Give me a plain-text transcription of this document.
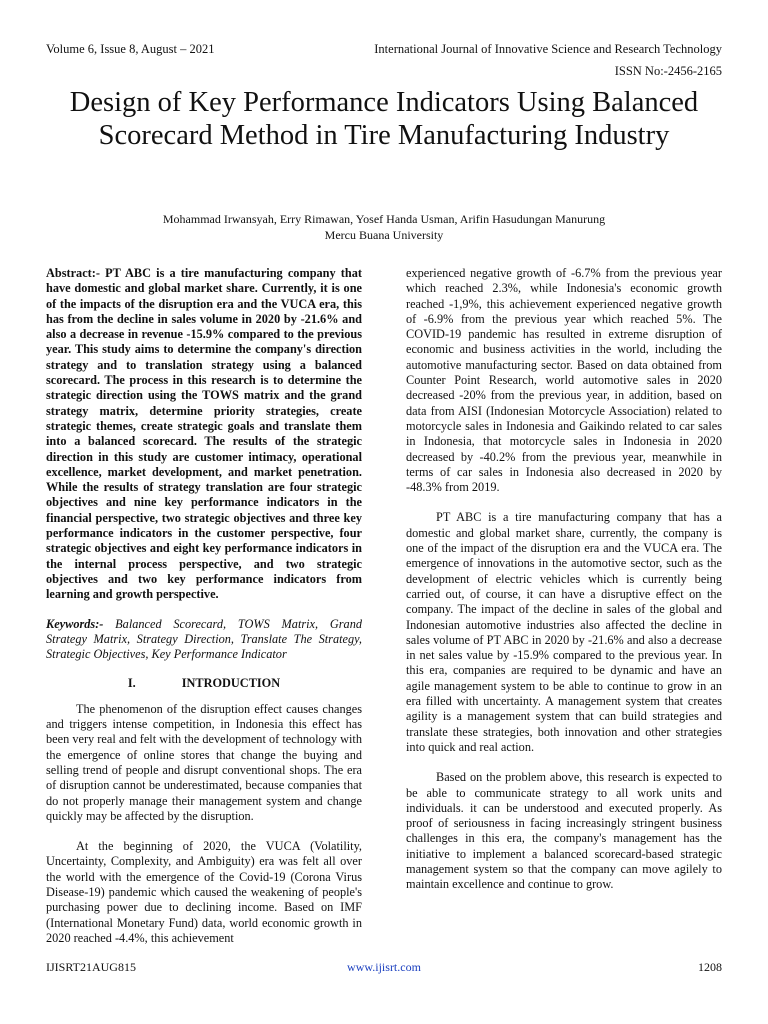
Volume 6, Issue 8, August – 2021	International Journal of Innovative Science and Research Technology
ISSN No:-2456-2165
Design of Key Performance Indicators Using Balanced Scorecard Method in Tire Manufacturing Industry
Mohammad Irwansyah, Erry Rimawan, Yosef Handa Usman, Arifin Hasudungan Manurung
Mercu Buana University

Abstract:- PT ABC is a tire manufacturing company that have domestic and global market share. Currently, it is one of the impacts of the disruption era and the VUCA era, this has from the decline in sales volume in 2020 by -21.6% and also a decrease in revenue -15.9% compared to the previous year. This study aims to determine the company's direction strategy and to translation strategy using a balanced scorecard. The process in this research is to determine the strategic direction using the TOWS matrix and the grand strategy matrix, determine priority strategies, create strategic themes, create strategic goals and translate them into a balanced scorecard. The results of the strategic direction in this study are customer intimacy, operational excellence, market development, and market penetration. While the results of strategy translation are four strategic objectives and nine key performance indicators in the financial perspective, two strategic objectives and three key performance indicators in the customer perspective, four strategic objectives and eight key performance indicators in the internal process perspective, and two strategic objectives and two key performance indicators from learning and growth perspective.

Keywords:- Balanced Scorecard, TOWS Matrix, Grand Strategy Matrix, Strategy Direction, Translate The Strategy, Strategic Objectives, Key Performance Indicator

I.	INTRODUCTION

The phenomenon of the disruption effect causes changes and triggers intense competition, in Indonesia this effect has been very real and felt with the development of technology with the emergence of online stores that change the buying and selling trend of people and disrupt conventional shops. The era of disruption cannot be underestimated, because companies that do not properly manage their management system and change quickly may be affected by the disruption.

At the beginning of 2020, the VUCA (Volatility, Uncertainty, Complexity, and Ambiguity) era was felt all over the world with the emergence of the Covid-19 (Corona Virus Disease-19) pandemic which caused the weakening of people's purchasing power due to declining income. Based on IMF (International Monetary Fund) data, world economic growth in 2020 reached -4.4%, this achievement

experienced negative growth of -6.7% from the previous year which reached 2.3%, while Indonesia's economic growth reached -1,9%, this achievement experienced negative growth of -6.9% from the previous year which reached 5%. The COVID-19 pandemic has resulted in extreme disruption of economic and business activities in the world, including the automotive manufacturing sector. Based on data obtained from Counter Point Research, world automotive sales in 2020 decreased -20% from the previous year, in addition, based on data from AISI (Indonesian Motorcycle Association) related to motorcycle sales in Indonesia and Gaikindo related to car sales in Indonesia, that motorcycle sales in Indonesia in 2020 decreased by -40.2% from the previous year, meanwhile in terms of car sales in Indonesia also decreased in 2020 by -48.3% from 2019.

PT ABC is a tire manufacturing company that has a domestic and global market share, currently, the company is one of the impact of the disruption era and the VUCA era. The emergence of innovations in the automotive sector, such as the development of electric vehicles which is currently being carried out, of course, it can have a disruptive effect on the company. The impact of the decline in sales of the global and Indonesian automotive industries also affected the decline in sales volume of PT ABC in 2020 by -21.6% and also a decrease in net sales value by -15.9% compared to the previous year. In this era, companies are required to be dynamic and have an agile management system to be able to continue to grow in an era filled with uncertainty. A management system that creates agility is a management system that can build strategies and translate these strategies, both innovation and other strategies into quick and real action.

Based on the problem above, this research is expected to be able to communicate strategy to all work units and individuals. it can be understood and executed properly. As proof of seriousness in facing increasingly stringent business challenges in this era, the company's management has the initiative to implement a balanced scorecard-based strategic management system so that the company can move agilely to maintain excellence and continue to grow.

IJISRT21AUG815	www.ijisrt.com	1208
